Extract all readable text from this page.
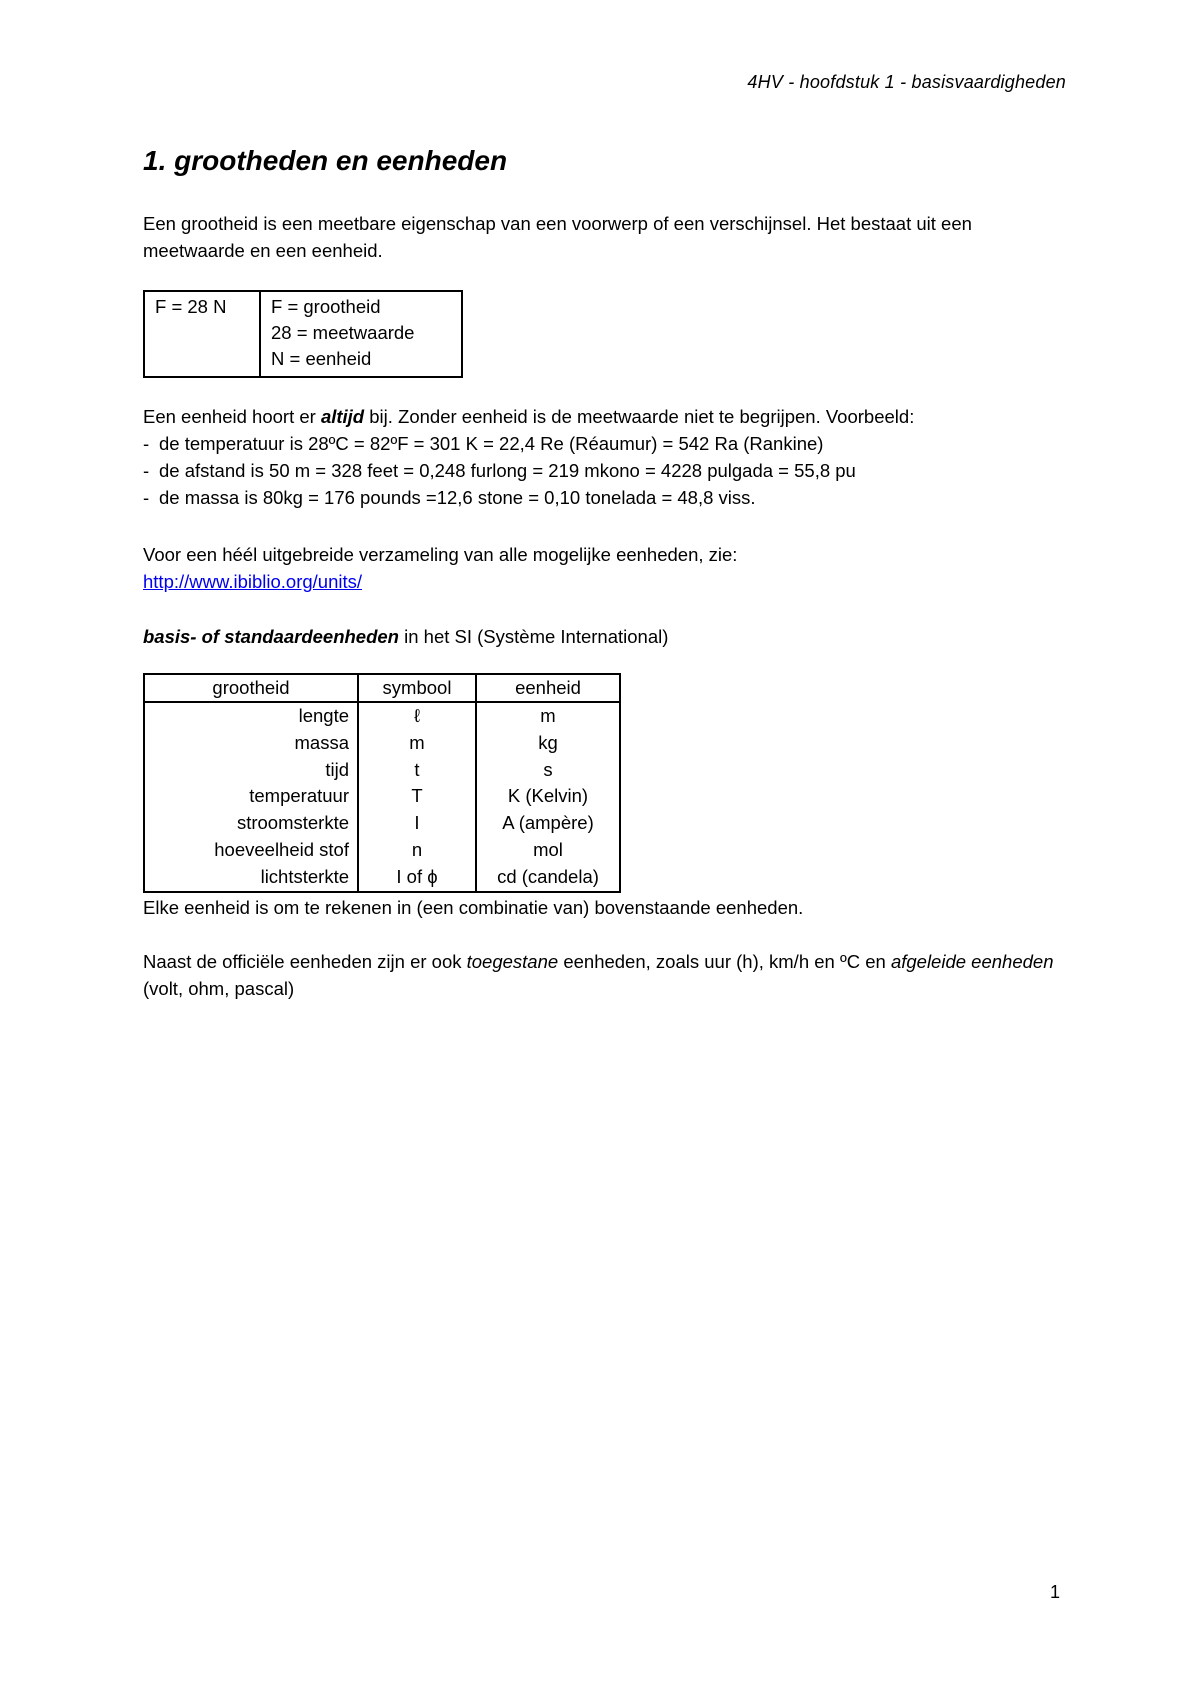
4HV - hoofdstuk 1 - basisvaardigheden
1. grootheden en eenheden

Een grootheid is een meetbare eigenschap van een voorwerp of een verschijnsel. Het bestaat uit een meetwaarde en een eenheid.

F = 28 N	F = grootheid
28 = meetwaarde
N = eenheid

Een eenheid hoort er altijd bij. Zonder eenheid is de meetwaarde niet te begrijpen. Voorbeeld:

- de temperatuur is 28ºC = 82ºF = 301 K = 22,4 Re (Réaumur) = 542 Ra (Rankine)
- de afstand is 50 m = 328 feet = 0,248 furlong = 219 mkono = 4228 pulgada = 55,8 pu
- de massa is 80kg = 176 pounds =12,6 stone = 0,10 tonelada = 48,8 viss.

Voor een héél uitgebreide verzameling van alle mogelijke eenheden, zie:
http://www.ibiblio.org/units/

basis- of standaardeenheden in het SI (Système International)

grootheid	symbool	eenheid
lengte	ℓ	m
massa	m	kg
tijd	t	s
temperatuur	T	K (Kelvin)
stroomsterkte	I	A (ampère)
hoeveelheid stof	n	mol
lichtsterkte	I of ϕ	cd (candela)

Elke eenheid is om te rekenen in (een combinatie van) bovenstaande eenheden.

Naast de officiële eenheden zijn er ook toegestane eenheden, zoals uur (h), km/h en ºC en afgeleide eenheden (volt, ohm, pascal)

1
